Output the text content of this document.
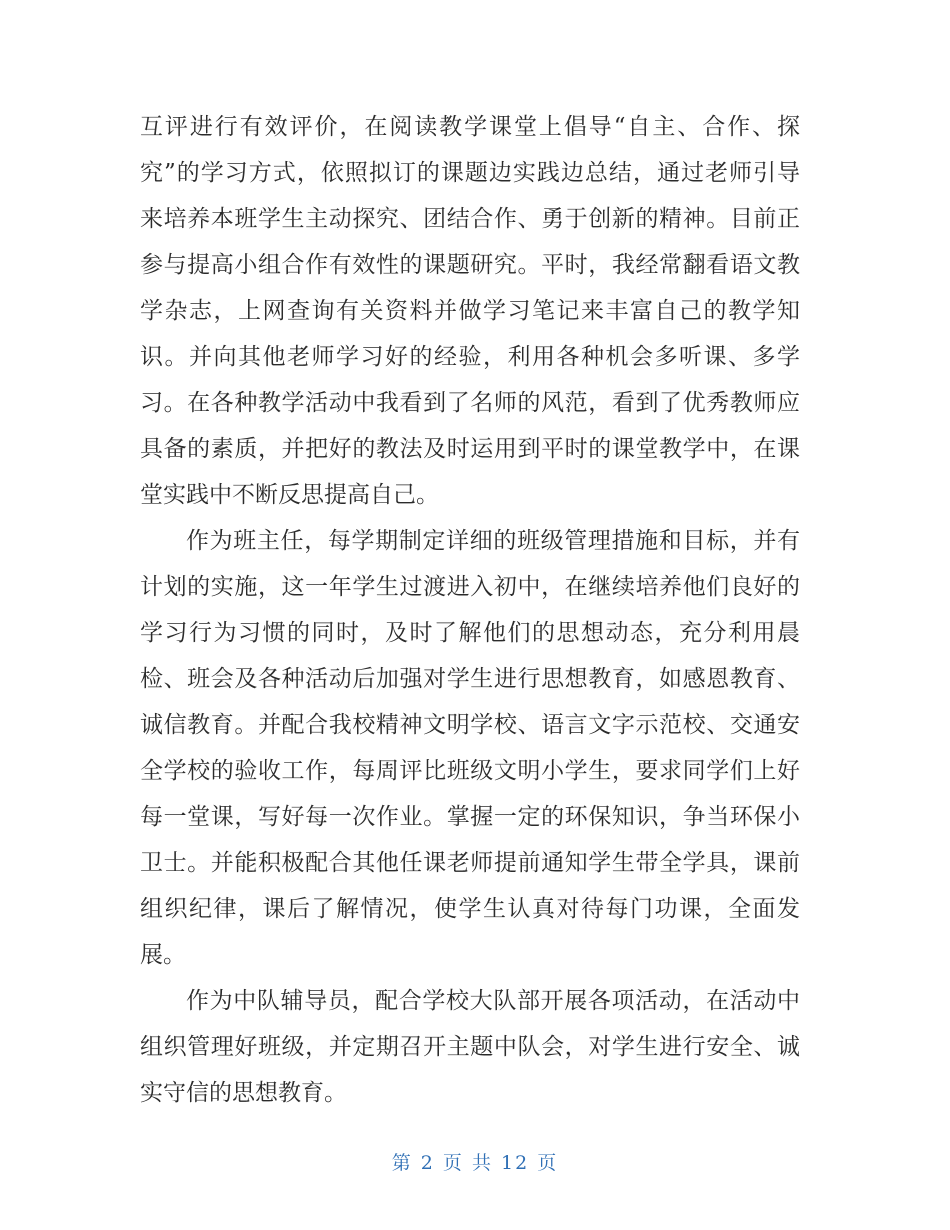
互评进行有效评价，在阅读教学课堂上倡导“自主、合作、探
究”的学习方式，依照拟订的课题边实践边总结，通过老师引导
来培养本班学生主动探究、团结合作、勇于创新的精神。目前正
参与提高小组合作有效性的课题研究。平时，我经常翻看语文教
学杂志，上网查询有关资料并做学习笔记来丰富自己的教学知
识。并向其他老师学习好的经验，利用各种机会多听课、多学
习。在各种教学活动中我看到了名师的风范，看到了优秀教师应
具备的素质，并把好的教法及时运用到平时的课堂教学中，在课
堂实践中不断反思提高自己。
作为班主任，每学期制定详细的班级管理措施和目标，并有
计划的实施，这一年学生过渡进入初中，在继续培养他们良好的
学习行为习惯的同时，及时了解他们的思想动态，充分利用晨
检、班会及各种活动后加强对学生进行思想教育，如感恩教育、
诚信教育。并配合我校精神文明学校、语言文字示范校、交通安
全学校的验收工作，每周评比班级文明小学生，要求同学们上好
每一堂课，写好每一次作业。掌握一定的环保知识，争当环保小
卫士。并能积极配合其他任课老师提前通知学生带全学具，课前
组织纪律，课后了解情况，使学生认真对待每门功课，全面发
展。
作为中队辅导员，配合学校大队部开展各项活动，在活动中
组织管理好班级，并定期召开主题中队会，对学生进行安全、诚
实守信的思想教育。
第 2 页 共 12 页
